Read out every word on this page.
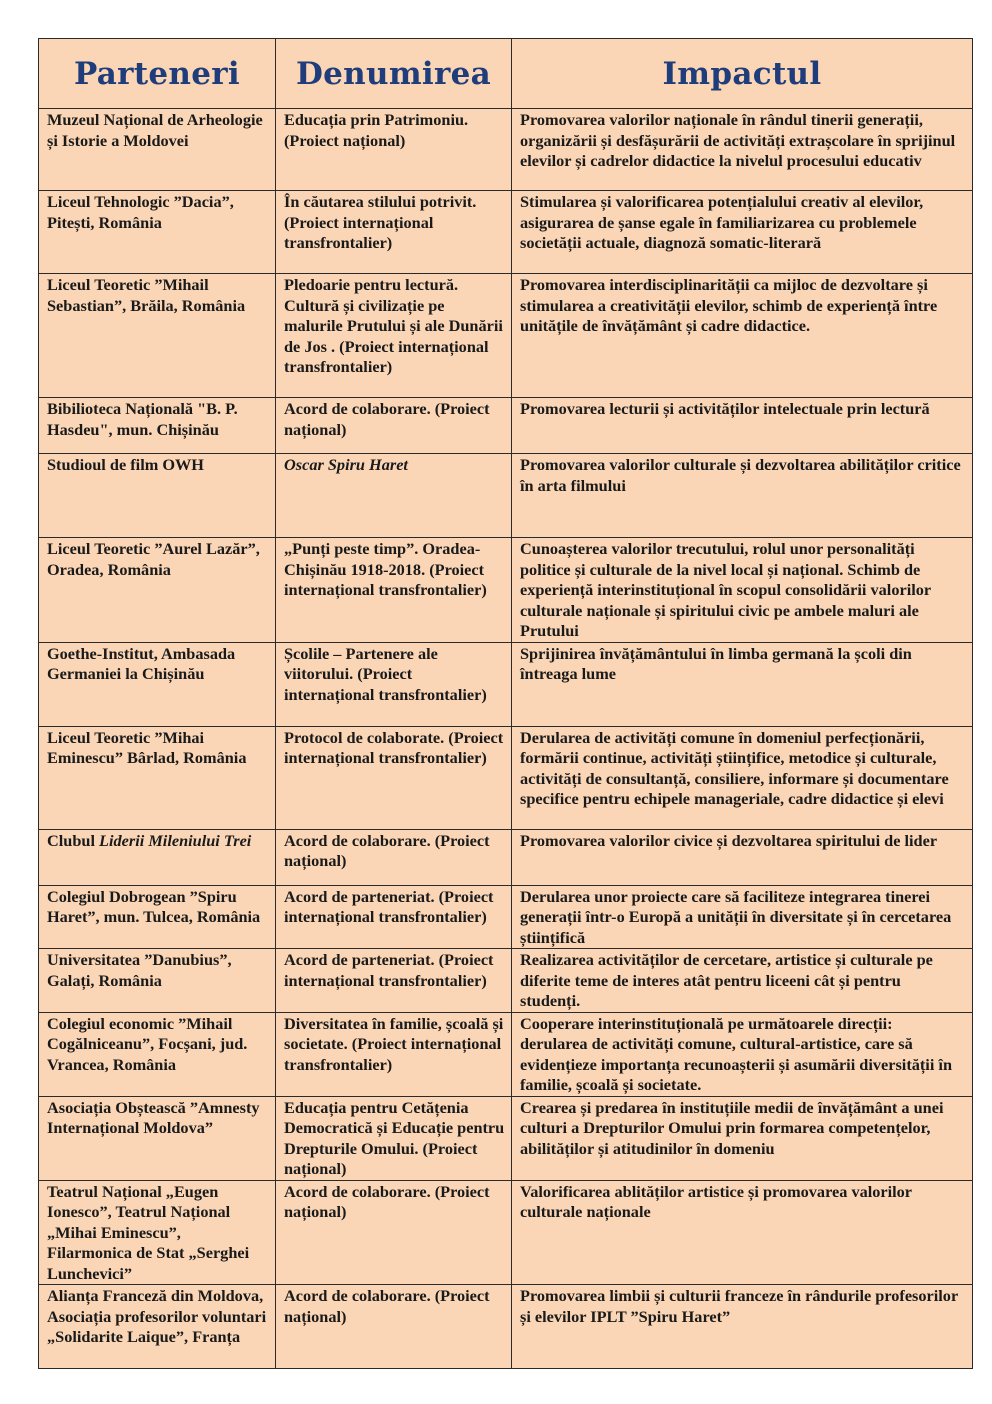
Parteneri	Denumirea	Impactul
Muzeul Național de Arheologie și Istorie a Moldovei	Educația prin Patrimoniu. (Proiect național)	Promovarea valorilor naționale în rândul tinerii generații, organizării și desfășurării de activități extrașcolare în sprijinul elevilor și cadrelor didactice la nivelul procesului educativ
Liceul Tehnologic ”Dacia”, Pitești, România	În căutarea stilului potrivit. (Proiect internațional transfrontalier)	Stimularea și valorificarea potențialului creativ al elevilor, asigurarea de șanse egale în familiarizarea cu problemele societății actuale, diagnoză somatic-literară
Liceul Teoretic ”Mihail Sebastian”, Brăila, România	Pledoarie pentru lectură. Cultură și civilizație pe malurile Prutului și ale Dunării de Jos . (Proiect internațional transfrontalier)	Promovarea interdisciplinarității ca mijloc de dezvoltare și stimularea a creativității elevilor, schimb de experiență între unitățile de învățământ și cadre didactice.
Bibilioteca Națională "B. P. Hasdeu", mun. Chișinău	Acord de colaborare. (Proiect național)	Promovarea lecturii și activităților intelectuale prin lectură
Studioul de film OWH	Oscar Spiru Haret	Promovarea valorilor culturale și dezvoltarea abilităților critice în arta filmului
Liceul Teoretic ”Aurel Lazăr”, Oradea, România	„Punți peste timp”. Oradea-Chișinău 1918-2018. (Proiect internațional transfrontalier)	Cunoașterea valorilor trecutului, rolul unor personalități politice și culturale de la nivel local și național. Schimb de experiență interinstituțional în scopul consolidării valorilor culturale naționale și spiritului civic pe ambele maluri ale Prutului
Goethe-Institut, Ambasada Germaniei la Chișinău	Școlile – Partenere ale viitorului. (Proiect internațional transfrontalier)	Sprijinirea învățământului în limba germană la școli din întreaga lume
Liceul Teoretic ”Mihai Eminescu” Bârlad, România	Protocol de colaborate. (Proiect internațional transfrontalier)	Derularea de activități comune în domeniul perfecționării, formării continue, activități științifice, metodice și culturale, activități de consultanță, consiliere, informare și documentare specifice pentru echipele manageriale, cadre didactice și elevi
Clubul Liderii Mileniului Trei	Acord de colaborare. (Proiect național)	Promovarea valorilor civice și dezvoltarea spiritului de lider
Colegiul Dobrogean ”Spiru Haret”, mun. Tulcea, România	Acord de parteneriat. (Proiect internațional transfrontalier)	Derularea unor proiecte care să faciliteze integrarea tinerei generații într-o Europă a unității în diversitate și în cercetarea științifică
Universitatea ”Danubius”, Galați, România	Acord de parteneriat. (Proiect internațional transfrontalier)	Realizarea activităților de cercetare, artistice și culturale pe diferite teme de interes atât pentru liceeni cât și pentru studenți.
Colegiul economic ”Mihail Cogălniceanu”, Focșani, jud. Vrancea, România	Diversitatea în familie, școală și societate. (Proiect internațional transfrontalier)	Cooperare interinstituțională pe următoarele direcții: derularea de activități comune, cultural-artistice, care să evidențieze importanța recunoașterii și asumării diversității în familie, școală și societate.
Asociația Obștească ”Amnesty Internațional Moldova”	Educația pentru Cetățenia Democratică și Educație pentru Drepturile Omului. (Proiect național)	Crearea și predarea în instituțiile medii de învățământ a unei culturi a Drepturilor Omului prin formarea competențelor, abilităților și atitudinilor în domeniu
Teatrul Național „Eugen Ionesco”, Teatrul Național „Mihai Eminescu”, Filarmonica de Stat „Serghei Lunchevici”	Acord de colaborare. (Proiect național)	Valorificarea ablităților artistice și promovarea valorilor culturale naționale
Alianța Franceză din Moldova, Asociația profesorilor voluntari „Solidarite Laique”, Franța	Acord de colaborare. (Proiect național)	Promovarea limbii și culturii franceze în rândurile profesorilor și elevilor IPLT ”Spiru Haret”
